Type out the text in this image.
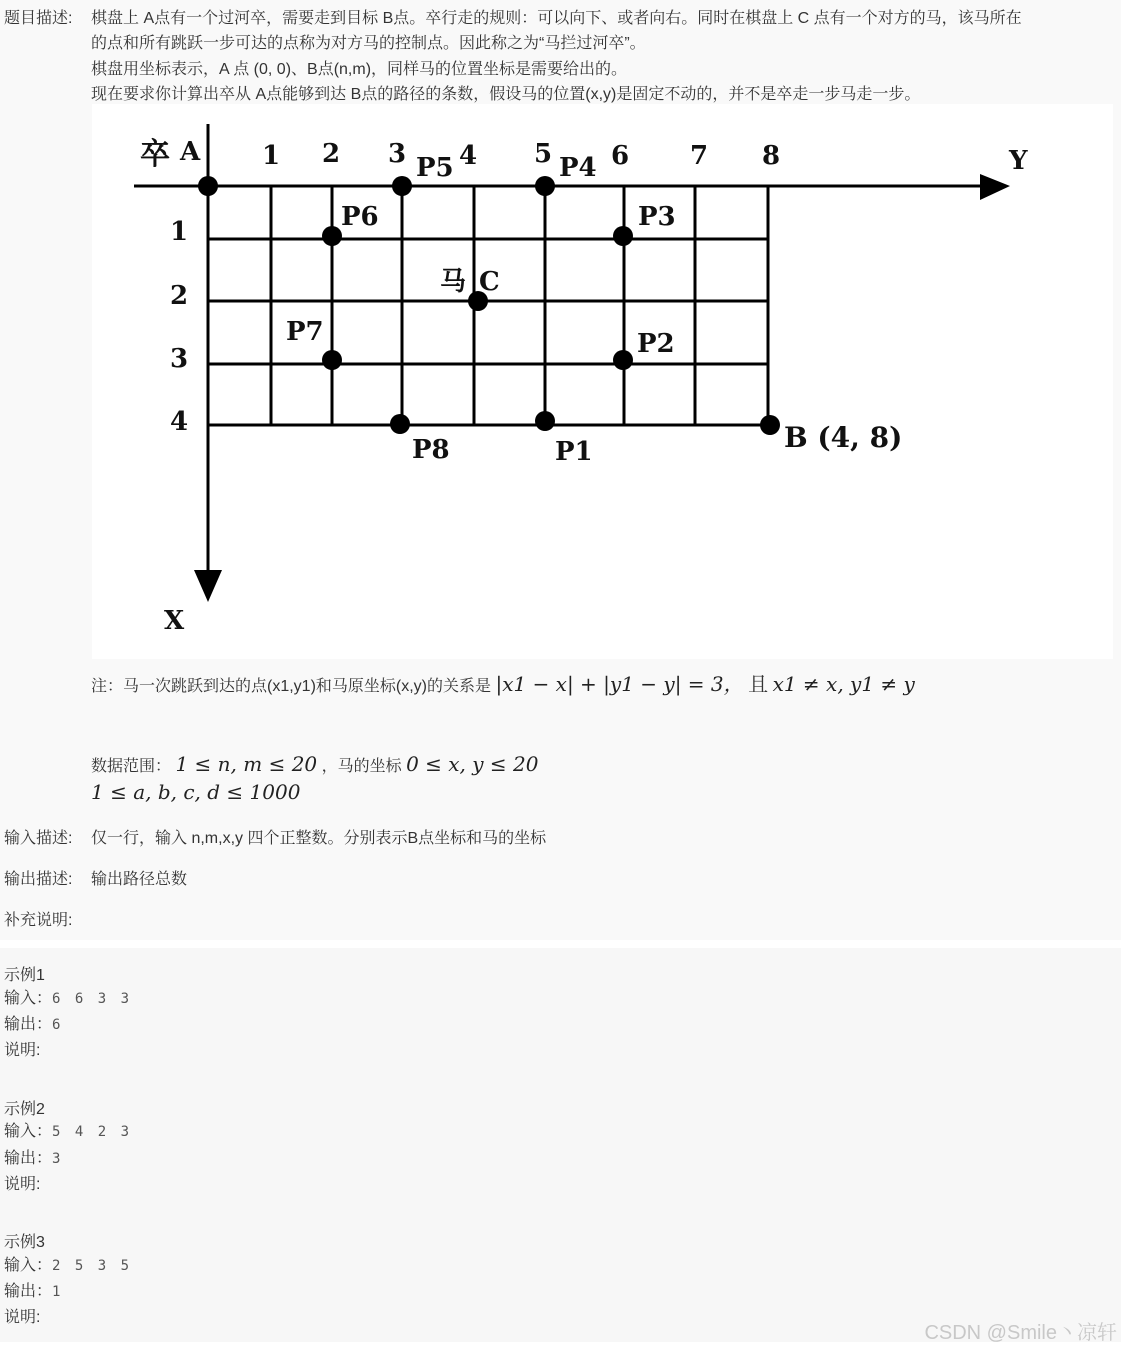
题目描述: 棋盘上 A点有一个过河卒，需要走到目标 B点。卒行走的规则：可以向下、或者向右。同时在棋盘上 C 点有一个对方的马，该马所在
的点和所有跳跃一步可达的点称为对方马的控制点。因此称之为“马拦过河卒”。
棋盘用坐标表示，A 点 (0, 0)、B点(n,m)，同样马的位置坐标是需要给出的。
现在要求你计算出卒从 A点能够到达 B点的路径的条数，假设马的位置(x,y)是固定不动的，并不是卒走一步马走一步。
卒 A	Y
X
1 2 3 4 5 6 7 8
1
2
3
4
马 C
B (4, 8)
P1
P2
P3
P4
P5
P6
P7
P8
注：马一次跳跃到达的点(x1,y1)和马原坐标(x,y)的关系是 |x1 − x| + |y1 − y| = 3， 且 x1 ≠ x, y1 ≠ y
数据范围： 1 ≤ n, m ≤ 20 ，马的坐标 0 ≤ x, y ≤ 20
1 ≤ a, b, c, d ≤ 1000
输入描述: 仅一行，输入 n,m,x,y 四个正整数。分别表示B点坐标和马的坐标
输出描述: 输出路径总数
补充说明:
示例1
输入：6 6 3 3
输出：6
说明:
示例2
输入：5 4 2 3
输出：3
说明:
示例3
输入：2 5 3 5
输出：1
说明:
CSDN @Smile丶凉轩
